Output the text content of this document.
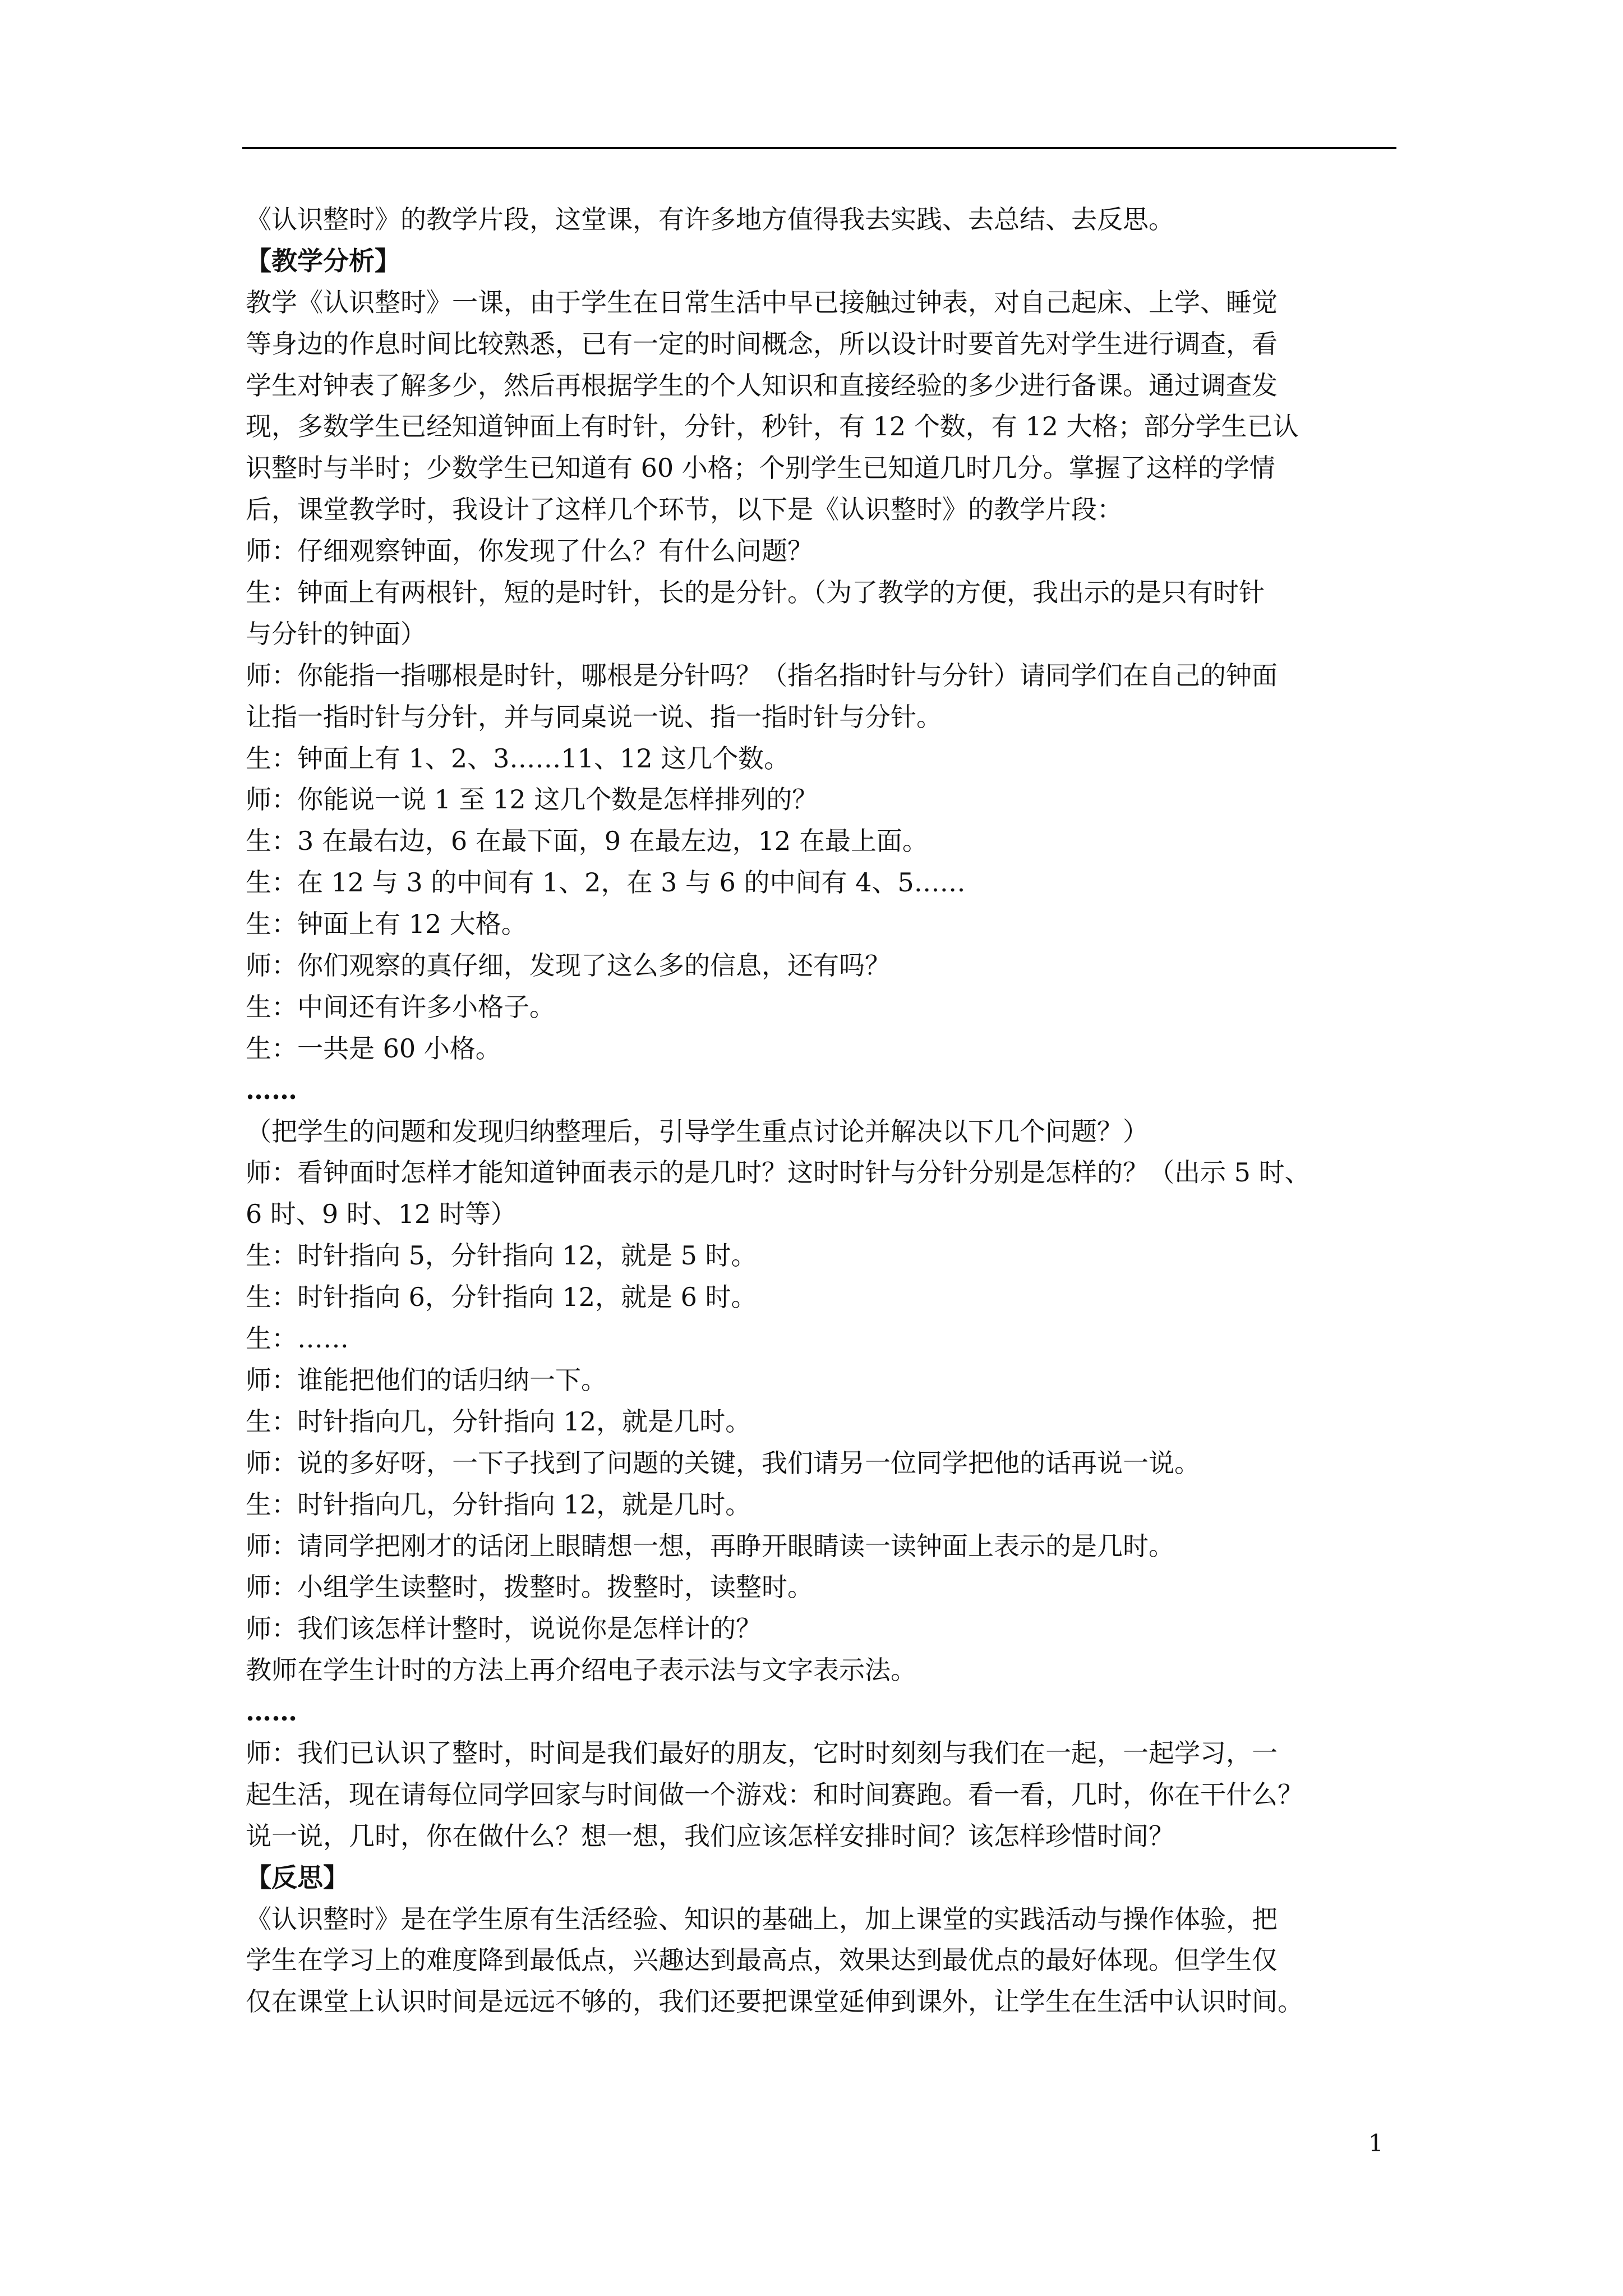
《认识整时》的教学片段，这堂课，有许多地方值得我去实践、去总结、去反思。
【教学分析】
教学《认识整时》一课，由于学生在日常生活中早已接触过钟表，对自己起床、上学、睡觉
等身边的作息时间比较熟悉，已有一定的时间概念，所以设计时要首先对学生进行调查，看
学生对钟表了解多少，然后再根据学生的个人知识和直接经验的多少进行备课。通过调查发
现，多数学生已经知道钟面上有时针，分针，秒针，有 12 个数，有 12 大格；部分学生已认
识整时与半时；少数学生已知道有 60 小格；个别学生已知道几时几分。掌握了这样的学情
后，课堂教学时，我设计了这样几个环节，以下是《认识整时》的教学片段：
师：仔细观察钟面，你发现了什么？有什么问题？
生：钟面上有两根针，短的是时针，长的是分针。（为了教学的方便，我出示的是只有时针
与分针的钟面）
师：你能指一指哪根是时针，哪根是分针吗？（指名指时针与分针）请同学们在自己的钟面
让指一指时针与分针，并与同桌说一说、指一指时针与分针。
生：钟面上有 1、2、3……11、12 这几个数。
师：你能说一说 1 至 12 这几个数是怎样排列的？
生：3 在最右边，6 在最下面，9 在最左边，12 在最上面。
生：在 12 与 3 的中间有 1、2，在 3 与 6 的中间有 4、5……
生：钟面上有 12 大格。
师：你们观察的真仔细，发现了这么多的信息，还有吗？
生：中间还有许多小格子。
生：一共是 60 小格。
……
（把学生的问题和发现归纳整理后，引导学生重点讨论并解决以下几个问题？）
师：看钟面时怎样才能知道钟面表示的是几时？这时时针与分针分别是怎样的？（出示 5 时、
6 时、9 时、12 时等）
生：时针指向 5，分针指向 12，就是 5 时。
生：时针指向 6，分针指向 12，就是 6 时。
生：……
师：谁能把他们的话归纳一下。
生：时针指向几，分针指向 12，就是几时。
师：说的多好呀，一下子找到了问题的关键，我们请另一位同学把他的话再说一说。
生：时针指向几，分针指向 12，就是几时。
师：请同学把刚才的话闭上眼睛想一想，再睁开眼睛读一读钟面上表示的是几时。
师：小组学生读整时，拨整时。拨整时，读整时。
师：我们该怎样计整时，说说你是怎样计的？
教师在学生计时的方法上再介绍电子表示法与文字表示法。
……
师：我们已认识了整时，时间是我们最好的朋友，它时时刻刻与我们在一起，一起学习，一
起生活，现在请每位同学回家与时间做一个游戏：和时间赛跑。看一看，几时，你在干什么？
说一说，几时，你在做什么？想一想，我们应该怎样安排时间？该怎样珍惜时间？
【反思】
《认识整时》是在学生原有生活经验、知识的基础上，加上课堂的实践活动与操作体验，把
学生在学习上的难度降到最低点，兴趣达到最高点，效果达到最优点的最好体现。但学生仅
仅在课堂上认识时间是远远不够的，我们还要把课堂延伸到课外，让学生在生活中认识时间。
1
